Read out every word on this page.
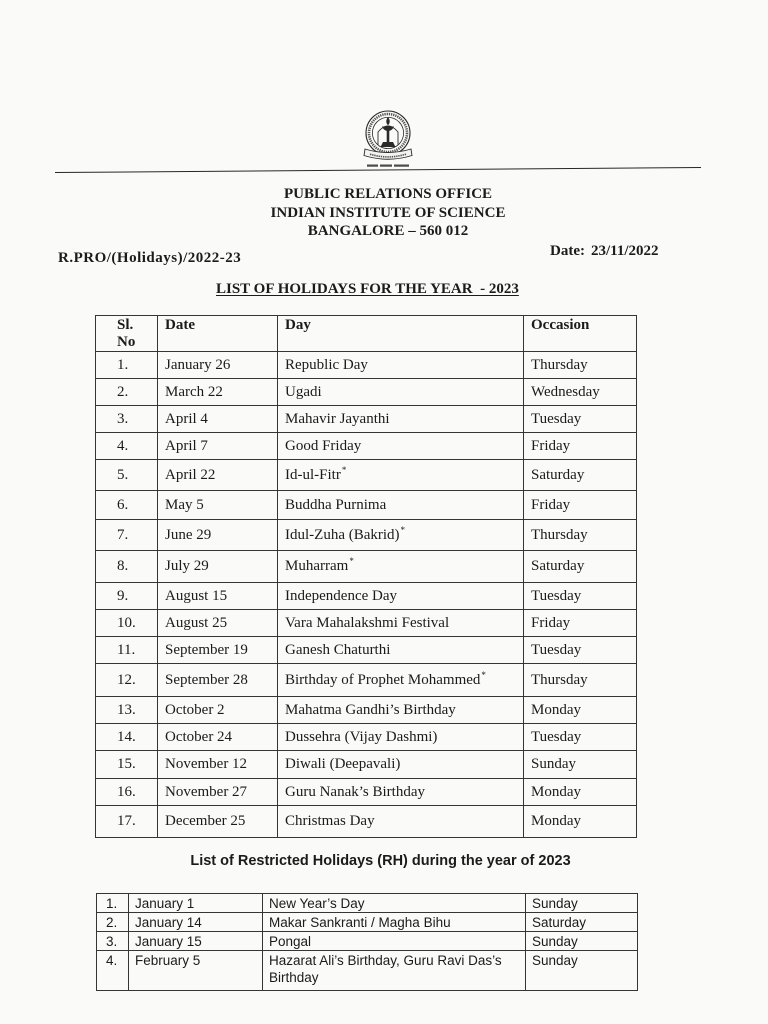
PUBLIC RELATIONS OFFICE
INDIAN INSTITUTE OF SCIENCE
BANGALORE – 560 012
R.PRO/(Holidays)/2022-23	Date: 23/11/2022
LIST OF HOLIDAYS FOR THE YEAR  - 2023
Sl.
No	Date	Day	Occasion
1.	January 26	Republic Day	Thursday
2.	March 22	Ugadi	Wednesday
3.	April 4	Mahavir Jayanthi	Tuesday
4.	April 7	Good Friday	Friday
5.	April 22	Id-ul-Fitr*	Saturday
6.	May 5	Buddha Purnima	Friday
7.	June 29	Idul-Zuha (Bakrid)*	Thursday
8.	July 29	Muharram*	Saturday
9.	August 15	Independence Day	Tuesday
10.	August 25	Vara Mahalakshmi Festival	Friday
11.	September 19	Ganesh Chaturthi	Tuesday
12.	September 28	Birthday of Prophet Mohammed*	Thursday
13.	October 2	Mahatma Gandhi’s Birthday	Monday
14.	October 24	Dussehra (Vijay Dashmi)	Tuesday
15.	November 12	Diwali (Deepavali)	Sunday
16.	November 27	Guru Nanak’s Birthday	Monday
17.	December 25	Christmas Day	Monday
List of Restricted Holidays (RH) during the year of 2023
1.	January 1	New Year’s Day	Sunday
2.	January 14	Makar Sankranti / Magha Bihu	Saturday
3.	January 15	Pongal	Sunday
4.	February 5	Hazarat Ali’s Birthday, Guru Ravi Das’s Birthday	Sunday
